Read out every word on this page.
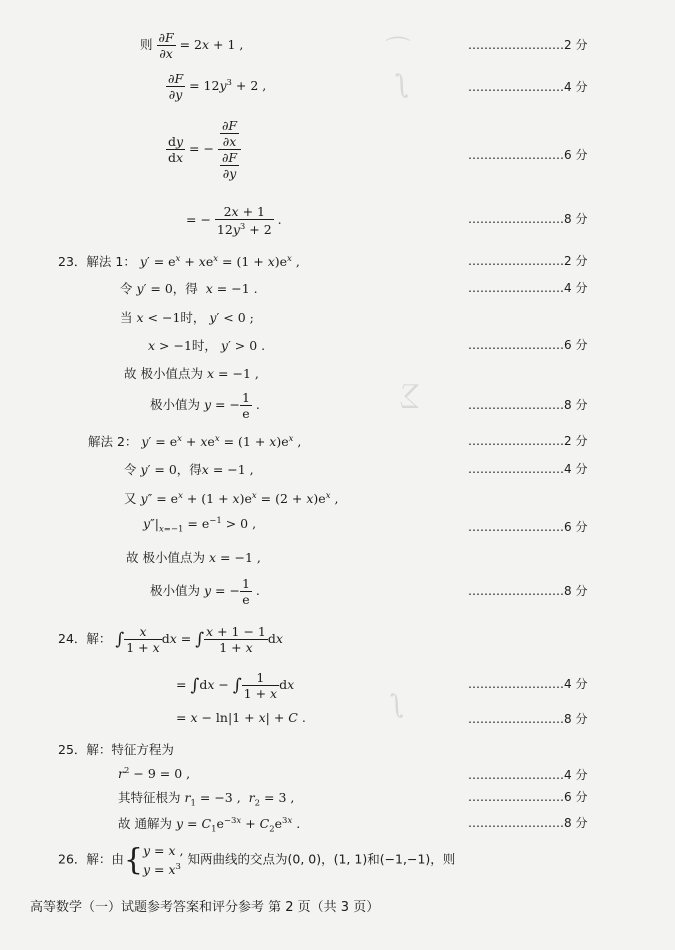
⌒
∫
∑
∫
则 $\frac{\partial F}{\partial x} = 2x + 1$ ,	……………………2 分
$\frac{\partial F}{\partial y} = 12y^3 + 2$ ,	……………………4 分
$\frac{dy}{dx}$ = − $\frac{\frac{\partial F}{\partial x}}{\frac{\partial F}{\partial y}}$	……………………6 分
= − $\frac{2x + 1}{12y^3 + 2}$ .	……………………8 分
23．解法 1： $y' = e^x + xe^x = (1 + x)e^x$ ,	……………………2 分
令 y′ = 0，得 x = −1 .	……………………4 分
当 x < −1时， y′ < 0 ;
x > −1时， y′ > 0 .	……………………6 分
故 极小值点为 x = −1 ,
极小值为 y = − $\frac{1}{e}$ .	……………………8 分
解法 2： $y' = e^x + xe^x = (1 + x)e^x$ ,	……………………2 分
令 y′ = 0，得x = −1 ,	……………………4 分
又 $y'' = e^x + (1 + x)e^x = (2 + x)e^x$ ,
$y''|_{x=-1} = e^{-1} > 0$ ,	……………………6 分
故 极小值点为 x = −1 ,
极小值为 y = − $\frac{1}{e}$ .	……………………8 分
24．解： ∫ $\frac{x}{1 + x}$ dx = ∫ $\frac{x + 1 - 1}{1 + x}$ dx
= ∫dx − ∫ $\frac{1}{1 + x}$ dx	……………………4 分
= x − ln|1 + x| + C .	……………………8 分
25．解：特征方程为
$r^2 - 9 = 0$ ,	……………………4 分
其特征根为 $r_1 = -3$ ,  $r_2 = 3$ ,	……………………6 分
故 通解为 $y = C_1e^{-3x} + C_2e^{3x}$ .	……………………8 分
26．解：由{ y = x ,
$y = x^3$
知两曲线的交点为(0, 0)，(1, 1)和(−1,−1)，则
高等数学（一）试题参考答案和评分参考 第 2 页（共 3 页）
